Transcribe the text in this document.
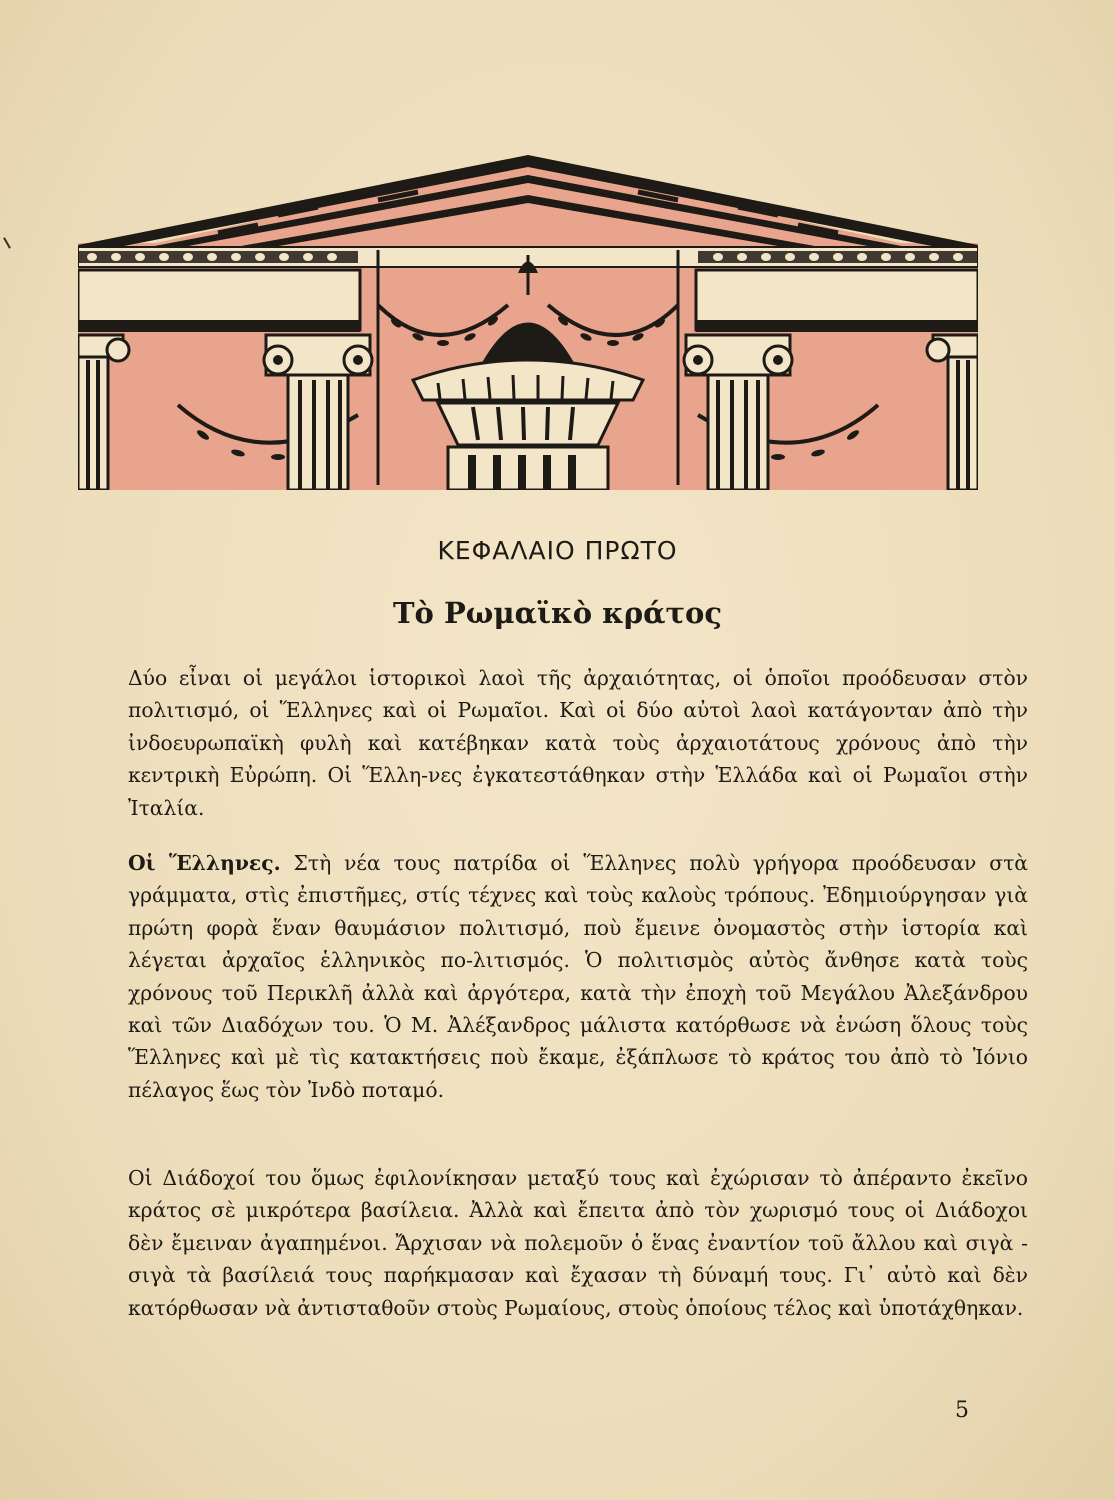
ΚΕΦΑΛΑΙΟ ΠΡΩΤΟ
Τὸ Ρωμαϊκὸ κράτος

Δύο εἶναι οἱ μεγάλοι ἱστορικοὶ λαοὶ τῆς ἀρχαιότητας, οἱ ὁποῖοι προόδευσαν στὸν πολιτισμό, οἱ Ἕλληνες καὶ οἱ Ρωμαῖοι. Καὶ οἱ δύο αὐτοὶ λαοὶ κατάγονταν ἀπὸ τὴν ἰνδοευρωπαϊκὴ φυλὴ καὶ κατέβηκαν κατὰ τοὺς ἀρχαιοτάτους χρόνους ἀπὸ τὴν κεντρικὴ Εὐρώπη. Οἱ Ἕλλη-νες ἐγκατεστάθηκαν στὴν Ἑλλάδα καὶ οἱ Ρωμαῖοι στὴν Ἰταλία.

Οἱ Ἕλληνες. Στὴ νέα τους πατρίδα οἱ Ἕλληνες πολὺ γρήγορα προόδευσαν στὰ γράμματα, στὶς ἐπιστῆμες, στίς τέχνες καὶ τοὺς καλοὺς τρόπους. Ἐδημιούργησαν γιὰ πρώτη φορὰ ἕναν θαυμάσιον πολιτισμό, ποὺ ἔμεινε ὀνομαστὸς στὴν ἱστορία καὶ λέγεται ἀρχαῖος ἑλληνικὸς πο-λιτισμός. Ὁ πολιτισμὸς αὐτὸς ἄνθησε κατὰ τοὺς χρόνους τοῦ Περικλῆ ἀλλὰ καὶ ἀργότερα, κατὰ τὴν ἐποχὴ τοῦ Μεγάλου Ἀλεξάνδρου καὶ τῶν Διαδόχων του. Ὁ Μ. Ἀλέξανδρος μάλιστα κατόρθωσε νὰ ἑνώση ὅλους τοὺς Ἕλληνες καὶ μὲ τὶς κατακτήσεις ποὺ ἔκαμε, ἐξάπλωσε τὸ κράτος του ἀπὸ τὸ Ἰόνιο πέλαγος ἕως τὸν Ἰνδὸ ποταμό.

Οἱ Διάδοχοί του ὅμως ἐφιλονίκησαν μεταξύ τους καὶ ἐχώρισαν τὸ ἀπέραντο ἐκεῖνο κράτος σὲ μικρότερα βασίλεια. Ἀλλὰ καὶ ἔπειτα ἀπὸ τὸν χωρισμό τους οἱ Διάδοχοι δὲν ἔμειναν ἀγαπημένοι. Ἄρχισαν νὰ πολεμοῦν ὁ ἕνας ἐναντίον τοῦ ἄλλου καὶ σιγὰ - σιγὰ τὰ βασίλειά τους παρήκμασαν καὶ ἔχασαν τὴ δύναμή τους. Γι᾿ αὐτὸ καὶ δὲν κατόρθωσαν νὰ ἀντισταθοῦν στοὺς Ρωμαίους, στοὺς ὁποίους τέλος καὶ ὑποτάχθηκαν.

5
